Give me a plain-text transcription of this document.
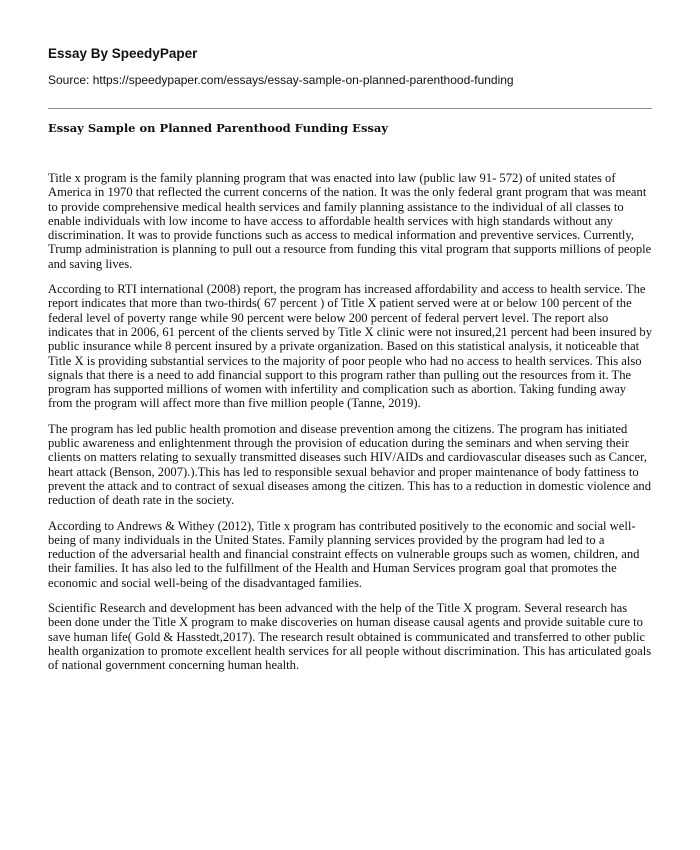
Essay By SpeedyPaper
Source: https://speedypaper.com/essays/essay-sample-on-planned-parenthood-funding
Essay Sample on Planned Parenthood Funding Essay

Title x program is the family planning program that was enacted into law (public law 91- 572) of united states of America in 1970 that reflected the current concerns of the nation. It was the only federal grant program that was meant to provide comprehensive medical health services and family planning assistance to the individual of all classes to enable individuals with low income to have access to affordable health services with high standards without any discrimination. It was to provide functions such as access to medical information and preventive services. Currently, Trump administration is planning to pull out a resource from funding this vital program that supports millions of people and saving lives.

According to RTI international (2008) report, the program has increased affordability and access to health service. The report indicates that more than two-thirds( 67 percent ) of Title X patient served were at or below 100 percent of the federal level of poverty range while 90 percent were below 200 percent of federal pervert level. The report also indicates that in 2006, 61 percent of the clients served by Title X clinic were not insured,21 percent had been insured by public insurance while 8 percent insured by a private organization. Based on this statistical analysis, it noticeable that Title X is providing substantial services to the majority of poor people who had no access to health services. This also signals that there is a need to add financial support to this program rather than pulling out the resources from it. The program has supported millions of women with infertility and complication such as abortion. Taking funding away from the program will affect more than five million people (Tanne, 2019).

The program has led public health promotion and disease prevention among the citizens. The program has initiated public awareness and enlightenment through the provision of education during the seminars and when serving their clients on matters relating to sexually transmitted diseases such HIV/AIDs and cardiovascular diseases such as Cancer, heart attack (Benson, 2007).).This has led to responsible sexual behavior and proper maintenance of body fattiness to prevent the attack and to contract of sexual diseases among the citizen. This has to a reduction in domestic violence and reduction of death rate in the society.

According to Andrews & Withey (2012), Title x program has contributed positively to the economic and social well-being of many individuals in the United States. Family planning services provided by the program had led to a reduction of the adversarial health and financial constraint effects on vulnerable groups such as women, children, and their families. It has also led to the fulfillment of the Health and Human Services program goal that promotes the economic and social well-being of the disadvantaged families.

Scientific Research and development has been advanced with the help of the Title X program. Several research has been done under the Title X program to make discoveries on human disease causal agents and provide suitable cure to save human life( Gold & Hasstedt,2017). The research result obtained is communicated and transferred to other public health organization to promote excellent health services for all people without discrimination. This has articulated goals of national government concerning human health.
